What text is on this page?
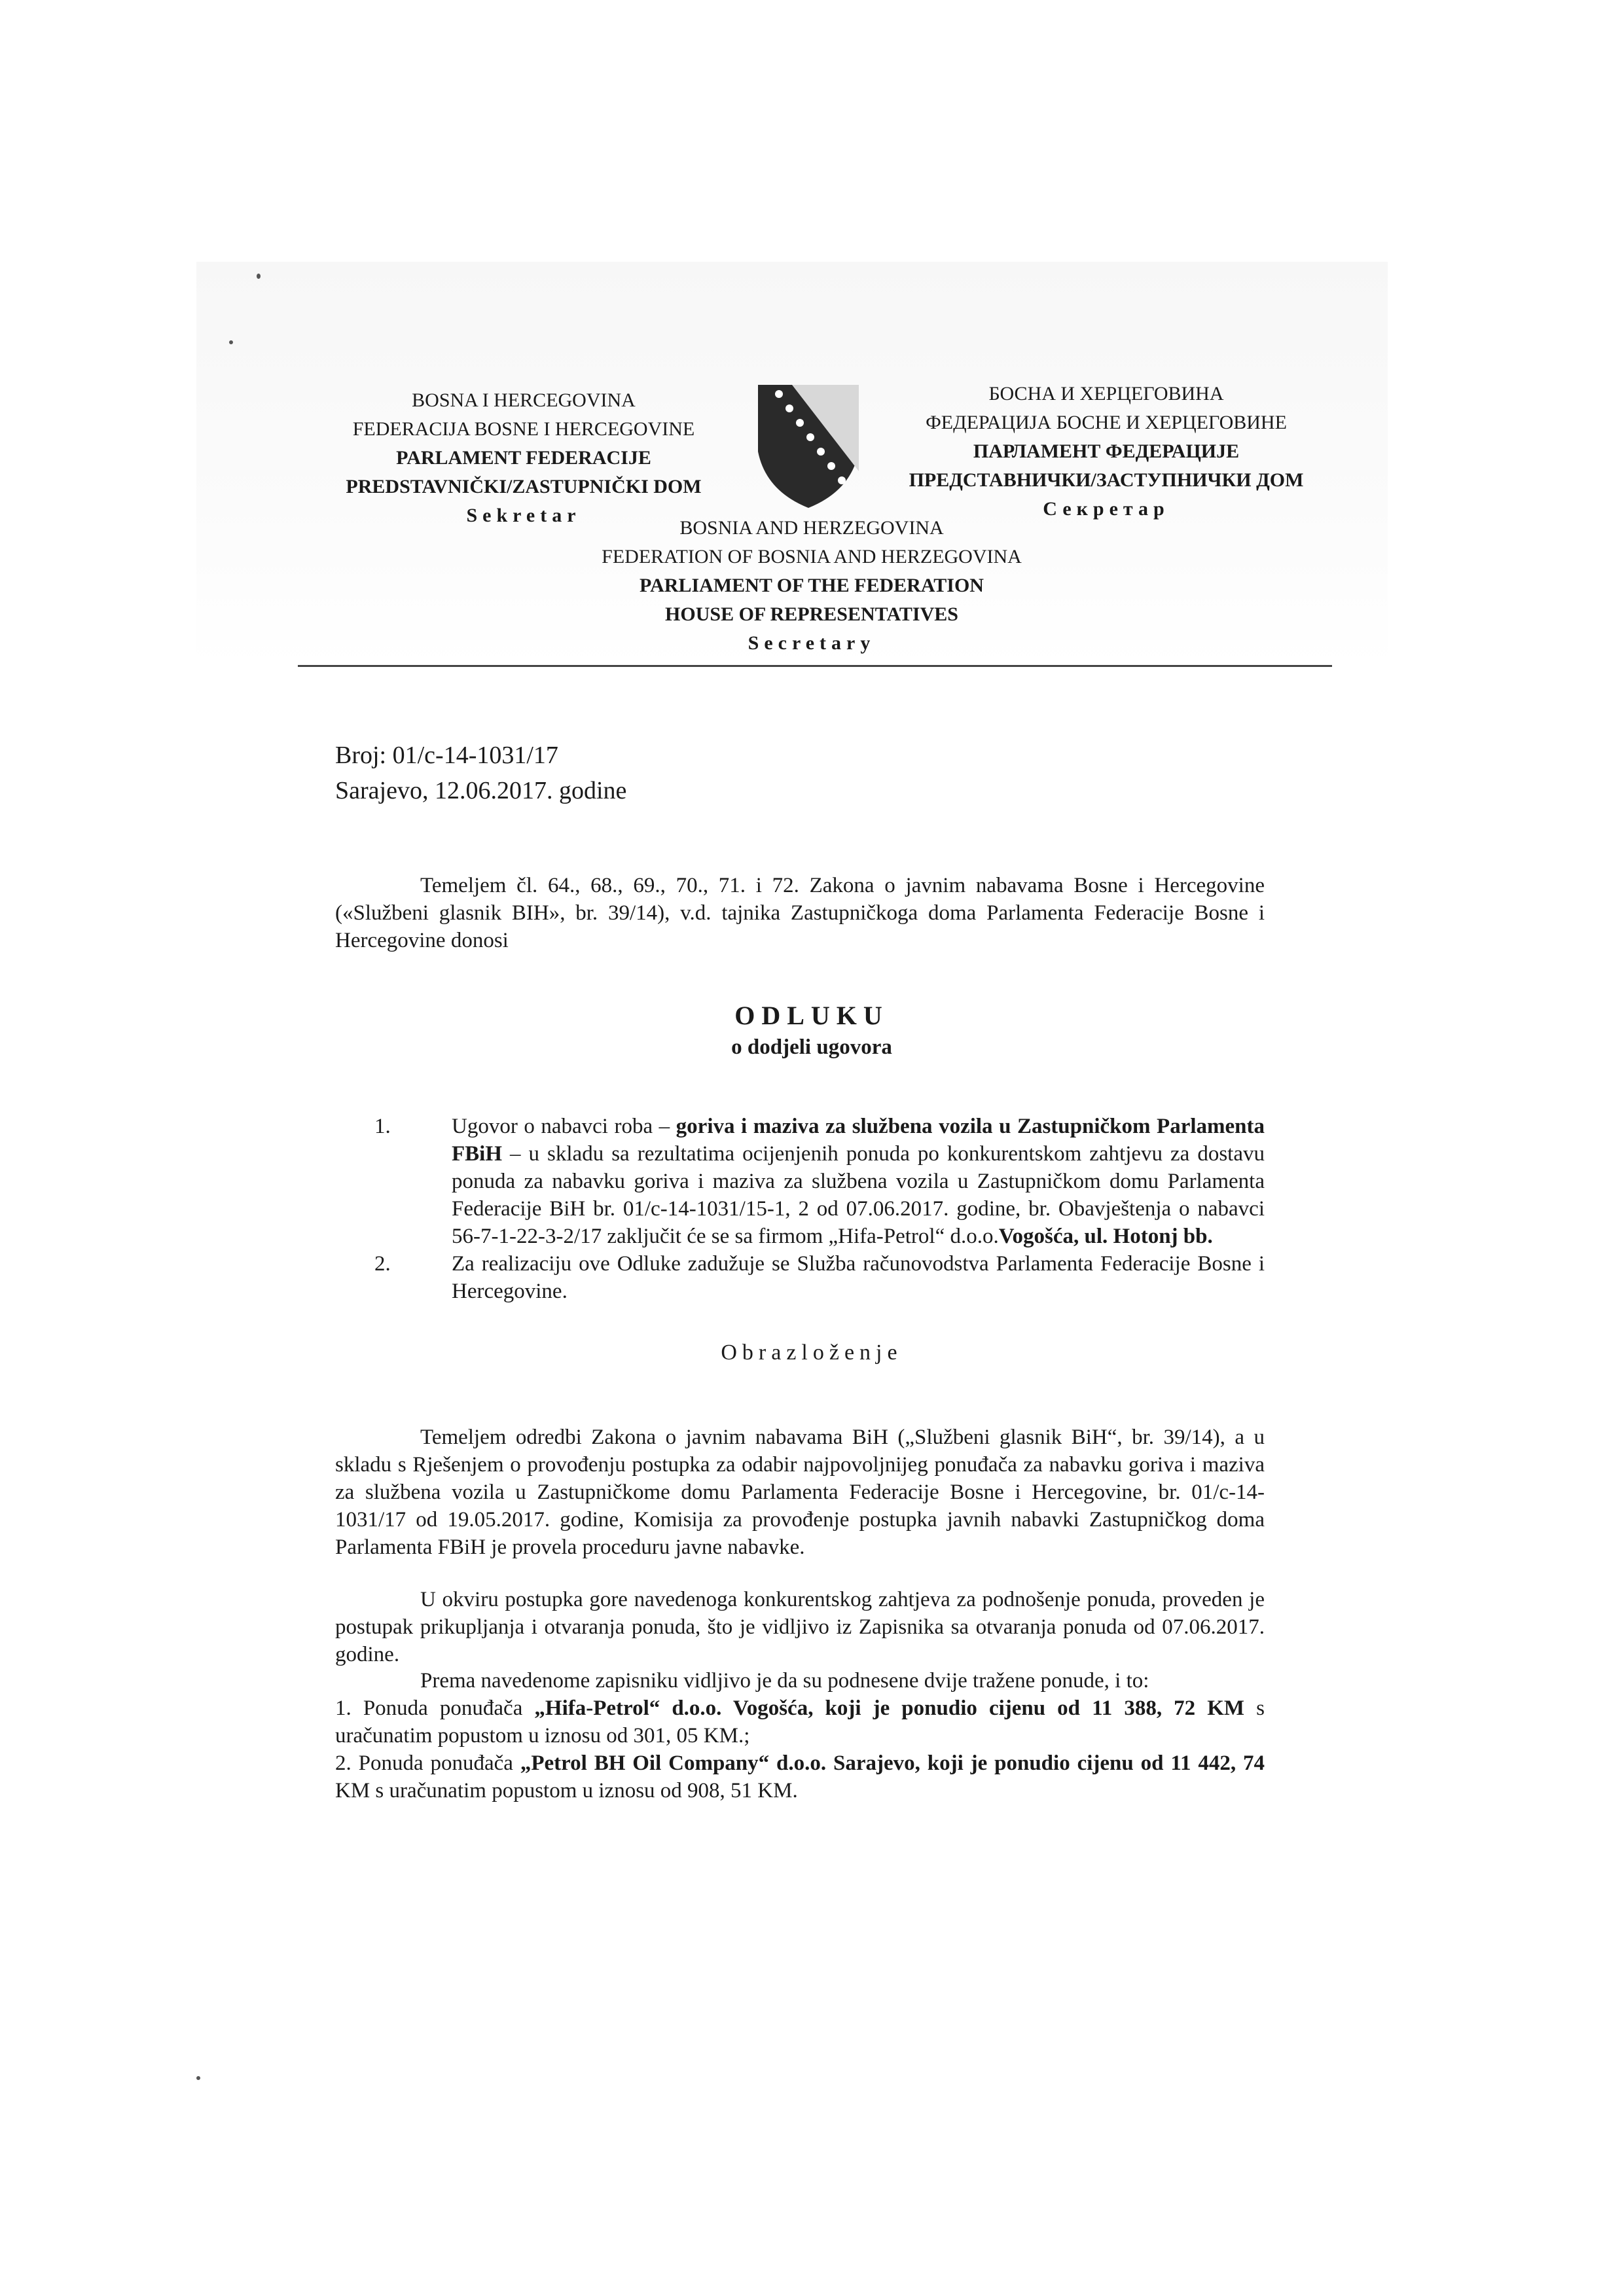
BOSNA I HERCEGOVINA
FEDERACIJA BOSNE I HERCEGOVINE
PARLAMENT FEDERACIJE
PREDSTAVNIČKI/ZASTUPNIČKI DOM
Sekretar
БОСНА И ХЕРЦЕГОВИНА
ФЕДЕРАЦИЈА БОСНЕ И ХЕРЦЕГОВИНЕ
ПАРЛАМЕНТ ФЕДЕРАЦИЈЕ
ПРЕДСТАВНИЧКИ/ЗАСТУПНИЧКИ ДОМ
Секретар
BOSNIA AND HERZEGOVINA
FEDERATION OF BOSNIA AND HERZEGOVINA
PARLIAMENT OF THE FEDERATION
HOUSE OF REPRESENTATIVES
Secretary
Broj: 01/c-14-1031/17
Sarajevo, 12.06.2017. godine
Temeljem čl. 64., 68., 69., 70., 71. i 72. Zakona o javnim nabavama Bosne i Hercegovine («Službeni glasnik BIH», br. 39/14), v.d. tajnika Zastupničkoga doma Parlamenta Federacije Bosne i Hercegovine donosi
ODLUKU
o dodjeli ugovora
1.	Ugovor o nabavci roba – goriva i maziva za službena vozila u Zastupničkom Parlamenta FBiH – u skladu sa rezultatima ocijenjenih ponuda po konkurentskom zahtjevu za dostavu ponuda za nabavku goriva i maziva za službena vozila u Zastupničkom domu Parlamenta Federacije BiH br. 01/c-14-1031/15-1, 2 od 07.06.2017. godine, br. Obavještenja o nabavci 56-7-1-22-3-2/17 zaključit će se sa firmom „Hifa-Petrol“ d.o.o.Vogošća, ul. Hotonj bb.
2.	Za realizaciju ove Odluke zadužuje se Služba računovodstva Parlamenta Federacije Bosne i Hercegovine.
Obrazloženje
Temeljem odredbi Zakona o javnim nabavama BiH („Službeni glasnik BiH“, br. 39/14), a u skladu s Rješenjem o provođenju postupka za odabir najpovoljnijeg ponuđača za nabavku goriva i maziva za službena vozila u Zastupničkome domu Parlamenta Federacije Bosne i Hercegovine, br. 01/c-14-1031/17 od 19.05.2017. godine, Komisija za provođenje postupka javnih nabavki Zastupničkog doma Parlamenta FBiH je provela proceduru javne nabavke.
U okviru postupka gore navedenoga konkurentskog zahtjeva za podnošenje ponuda, proveden je postupak prikupljanja i otvaranja ponuda, što je vidljivo iz Zapisnika sa otvaranja ponuda od 07.06.2017. godine.
Prema navedenome zapisniku vidljivo je da su podnesene dvije tražene ponude, i to:
1. Ponuda ponuđača „Hifa-Petrol“ d.o.o. Vogošća, koji je ponudio cijenu od 11 388, 72 KM s uračunatim popustom u iznosu od 301, 05 KM.;
2. Ponuda ponuđača „Petrol BH Oil Company“ d.o.o. Sarajevo, koji je ponudio cijenu od 11 442, 74 KM s uračunatim popustom u iznosu od 908, 51 KM.
